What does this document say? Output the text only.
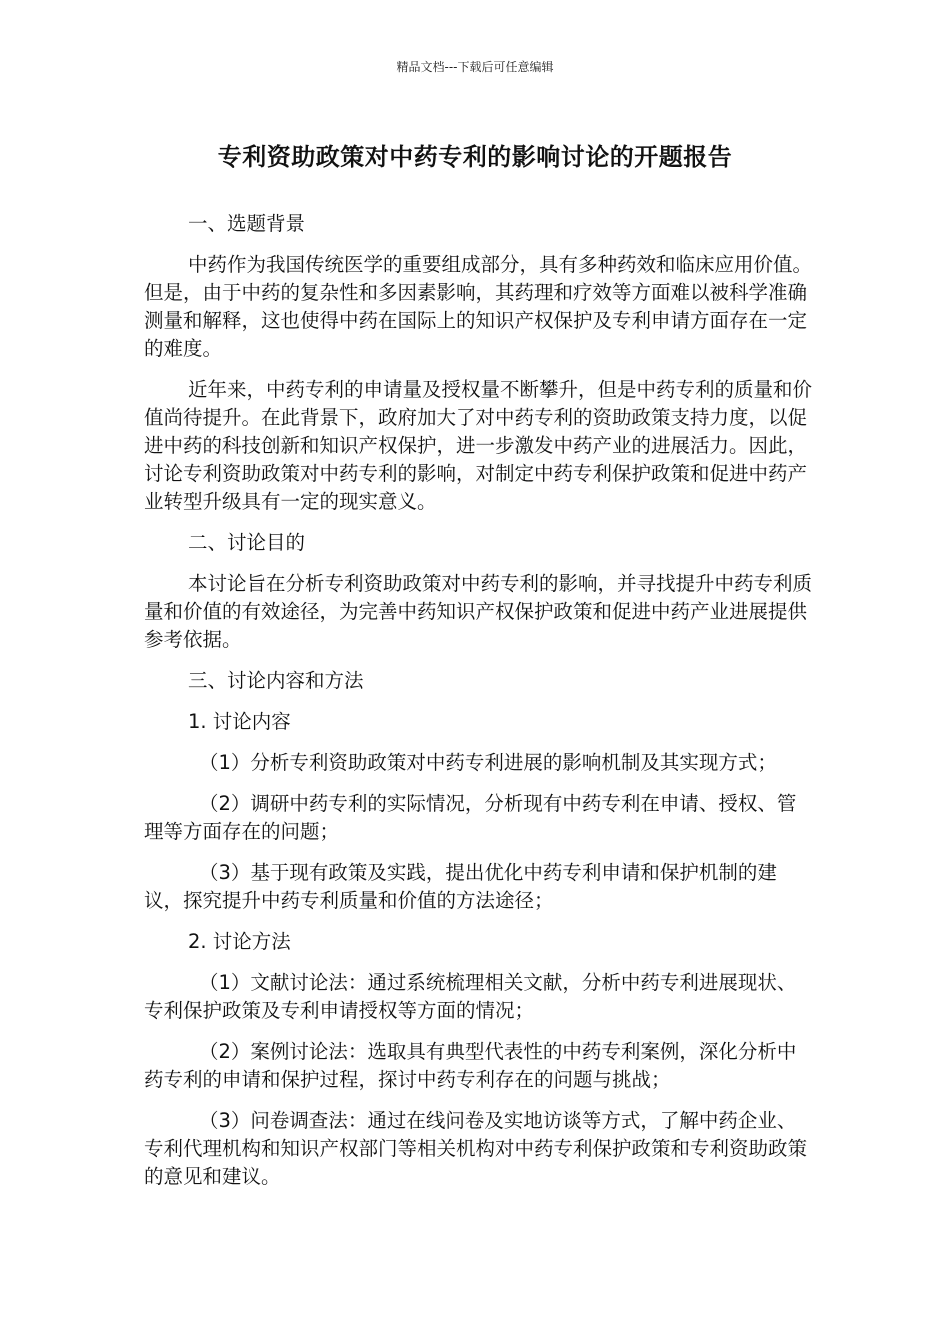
精品文档---下载后可任意编辑
专利资助政策对中药专利的影响讨论的开题报告

一、选题背景

中药作为我国传统医学的重要组成部分，具有多种药效和临床应用价值。但是，由于中药的复杂性和多因素影响，其药理和疗效等方面难以被科学准确测量和解释，这也使得中药在国际上的知识产权保护及专利申请方面存在一定的难度。

近年来，中药专利的申请量及授权量不断攀升，但是中药专利的质量和价值尚待提升。在此背景下，政府加大了对中药专利的资助政策支持力度，以促进中药的科技创新和知识产权保护，进一步激发中药产业的进展活力。因此，讨论专利资助政策对中药专利的影响，对制定中药专利保护政策和促进中药产业转型升级具有一定的现实意义。

二、讨论目的

本讨论旨在分析专利资助政策对中药专利的影响，并寻找提升中药专利质量和价值的有效途径，为完善中药知识产权保护政策和促进中药产业进展提供参考依据。

三、讨论内容和方法

1. 讨论内容

（1）分析专利资助政策对中药专利进展的影响机制及其实现方式；

（2）调研中药专利的实际情况，分析现有中药专利在申请、授权、管理等方面存在的问题；

（3）基于现有政策及实践，提出优化中药专利申请和保护机制的建议，探究提升中药专利质量和价值的方法途径；

2. 讨论方法

（1）文献讨论法：通过系统梳理相关文献，分析中药专利进展现状、专利保护政策及专利申请授权等方面的情况；

（2）案例讨论法：选取具有典型代表性的中药专利案例，深化分析中药专利的申请和保护过程，探讨中药专利存在的问题与挑战；

（3）问卷调查法：通过在线问卷及实地访谈等方式，了解中药企业、专利代理机构和知识产权部门等相关机构对中药专利保护政策和专利资助政策的意见和建议。
